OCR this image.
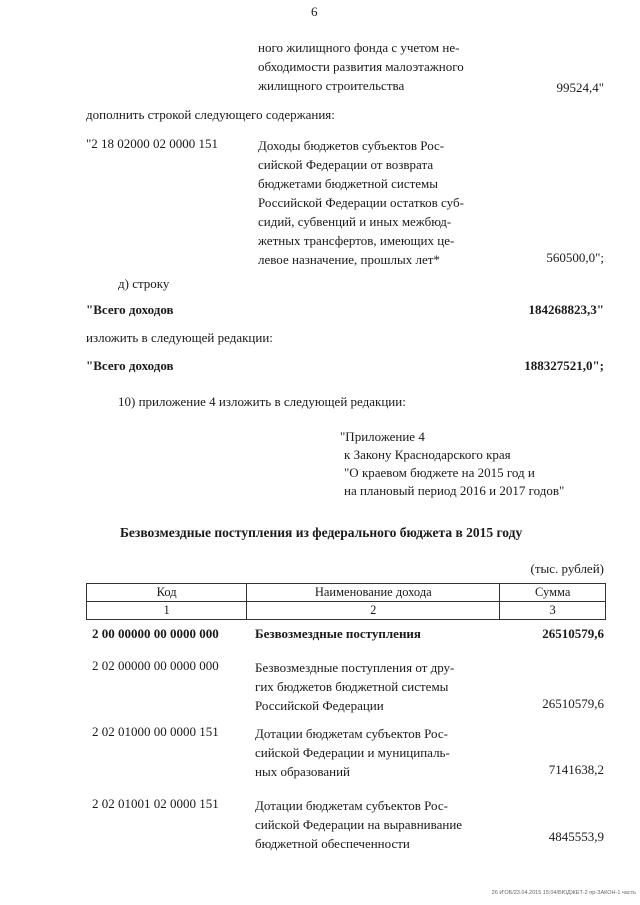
6
ного жилищного фонда с учетом не-
обходимости развития малоэтажного
жилищного строительства	99524,4"
дополнить строкой следующего содержания:
"2 18 02000 02 0000 151	Доходы бюджетов субъектов Рос-
сийской Федерации от возврата
бюджетами бюджетной системы
Российской Федерации остатков суб-
сидий, субвенций и иных межбюд-
жетных трансфертов, имеющих це-
левое назначение, прошлых лет*	560500,0";
д) строку
"Всего доходов	184268823,3"
изложить в следующей редакции:
"Всего доходов	188327521,0";
10) приложение 4 изложить в следующей редакции:
"Приложение 4
к Закону Краснодарского края
"О краевом бюджете на 2015 год и
на плановый период 2016 и 2017 годов"
Безвозмездные поступления из федерального бюджета в 2015 году
(тыс. рублей)
Код	Наименование дохода	Сумма
1	2	3
2 00 00000 00 0000 000	Безвозмездные поступления	26510579,6
2 02 00000 00 0000 000	Безвозмездные поступления от дру-
гих бюджетов бюджетной системы
Российской Федерации	26510579,6
2 02 01000 00 0000 151	Дотации бюджетам субъектов Рос-
сийской Федерации и муниципаль-
ных образований	7141638,2
2 02 01001 02 0000 151	Дотации бюджетам субъектов Рос-
сийской Федерации на выравнивание
бюджетной обеспеченности	4845553,9
26 И'ОБ/23.04.2015 15:04/БЮДЖЕТ-2 пр-ЗАКОН-1 часть
